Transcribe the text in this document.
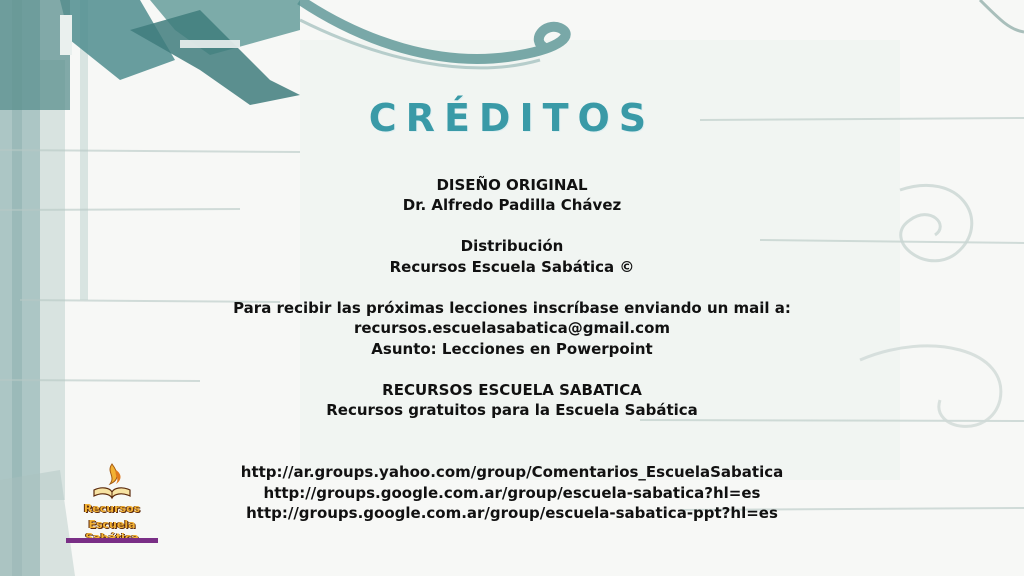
CRÉDITOS
DISEÑO ORIGINAL
Dr. Alfredo Padilla Chávez
Distribución
Recursos Escuela Sabática ©
Para recibir las próximas lecciones inscríbase enviando un mail a:
recursos.escuelasabatica@gmail.com
Asunto: Lecciones en Powerpoint
RECURSOS ESCUELA SABATICA
Recursos gratuitos para la Escuela Sabática
http://ar.groups.yahoo.com/group/Comentarios_EscuelaSabatica
http://groups.google.com.ar/group/escuela-sabatica?hl=es
http://groups.google.com.ar/group/escuela-sabatica-ppt?hl=es
Recursos
Escuela
